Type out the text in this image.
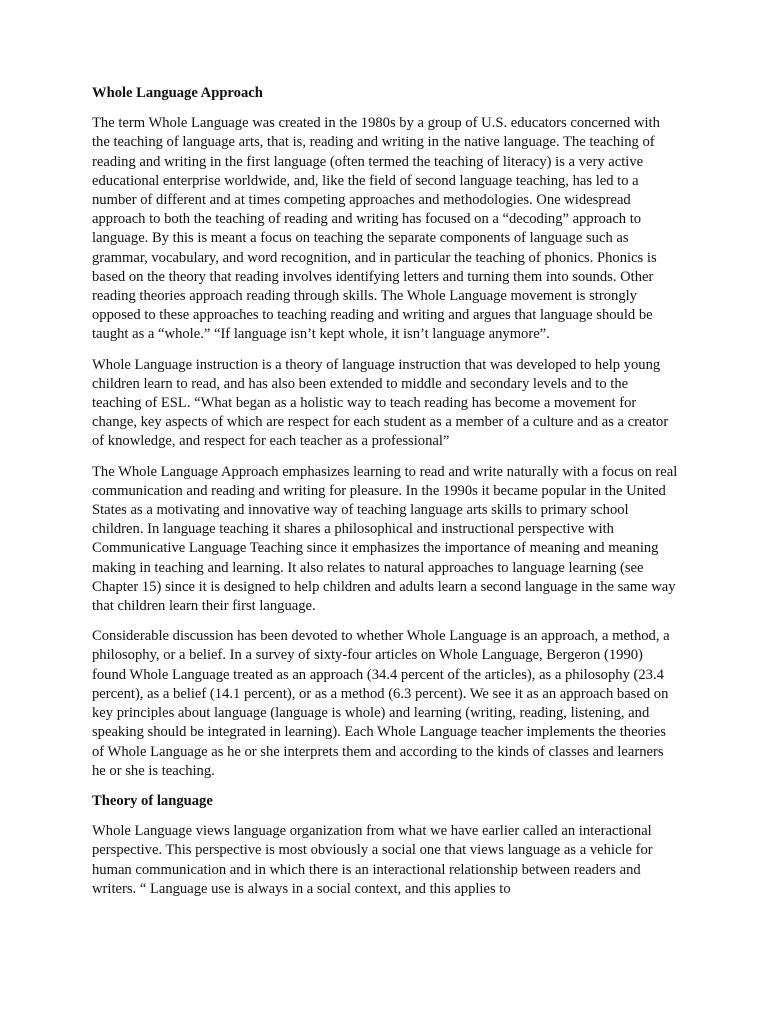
Whole Language Approach

The term Whole Language was created in the 1980s by a group of U.S. educators concerned with the teaching of language arts, that is, reading and writing in the native language. The teaching of reading and writing in the first language (often termed the teaching of literacy) is a very active educational enterprise worldwide, and, like the field of second language teaching, has led to a number of different and at times competing approaches and methodologies. One widespread approach to both the teaching of reading and writing has focused on a “decoding” approach to language. By this is meant a focus on teaching the separate components of language such as grammar, vocabulary, and word recognition, and in particular the teaching of phonics. Phonics is based on the theory that reading involves identifying letters and turning them into sounds. Other reading theories approach reading through skills. The Whole Language movement is strongly opposed to these approaches to teaching reading and writing and argues that language should be taught as a “whole.” “If language isn’t kept whole, it isn’t language anymore”.

Whole Language instruction is a theory of language instruction that was developed to help young children learn to read, and has also been extended to middle and secondary levels and to the teaching of ESL. “What began as a holistic way to teach reading has become a movement for change, key aspects of which are respect for each student as a member of a culture and as a creator of knowledge, and respect for each teacher as a professional”

The Whole Language Approach emphasizes learning to read and write naturally with a focus on real communication and reading and writing for pleasure. In the 1990s it became popular in the United States as a motivating and innovative way of teaching language arts skills to primary school children. In language teaching it shares a philosophical and instructional perspective with Communicative Language Teaching since it emphasizes the importance of meaning and meaning making in teaching and learning. It also relates to natural approaches to language learning (see Chapter 15) since it is designed to help children and adults learn a second language in the same way that children learn their first language.

Considerable discussion has been devoted to whether Whole Language is an approach, a method, a philosophy, or a belief. In a survey of sixty-four articles on Whole Language, Bergeron (1990) found Whole Language treated as an approach (34.4 percent of the articles), as a philosophy (23.4 percent), as a belief (14.1 percent), or as a method (6.3 percent). We see it as an approach based on key principles about language (language is whole) and learning (writing, reading, listening, and speaking should be integrated in learning). Each Whole Language teacher implements the theories of Whole Language as he or she interprets them and according to the kinds of classes and learners he or she is teaching.

Theory of language

Whole Language views language organization from what we have earlier called an interactional perspective. This perspective is most obviously a social one that views language as a vehicle for human communication and in which there is an interactional relationship between readers and writers. “ Language use is always in a social context, and this applies to
